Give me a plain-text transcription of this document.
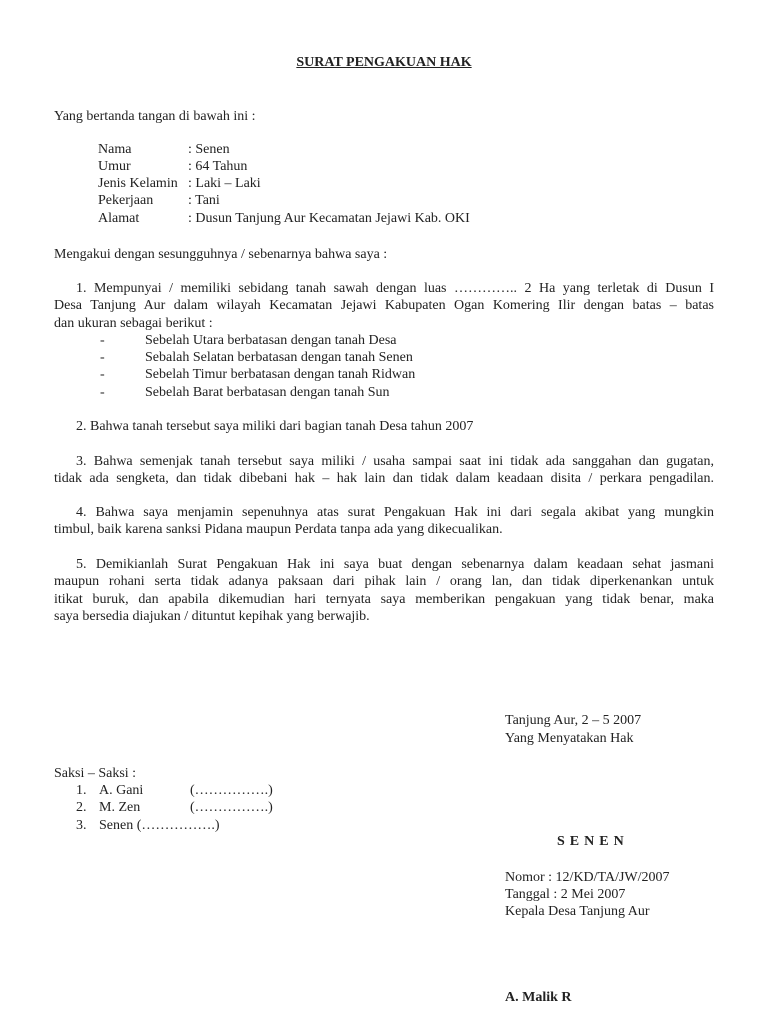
SURAT PENGAKUAN HAK
Yang bertanda tangan di bawah ini :
Nama	: Senen
Umur	: 64 Tahun
Jenis Kelamin : Laki – Laki
Pekerjaan : Tani
Alamat	: Dusun Tanjung Aur Kecamatan Jejawi Kab. OKI
Mengakui dengan sesungguhnya / sebenarnya bahwa saya :
1. Mempunyai / memiliki sebidang tanah sawah dengan luas ………….. 2 Ha yang terletak di Dusun I
Desa Tanjung Aur dalam wilayah Kecamatan Jejawi Kabupaten Ogan Komering Ilir dengan batas – batas
dan ukuran sebagai berikut :
-	Sebelah Utara berbatasan dengan tanah Desa
-	Sebalah Selatan berbatasan dengan tanah Senen
-	Sebelah Timur berbatasan dengan tanah Ridwan
-	Sebelah Barat berbatasan dengan tanah Sun
2. Bahwa tanah tersebut saya miliki dari bagian tanah Desa tahun 2007
3. Bahwa semenjak tanah tersebut saya miliki / usaha sampai saat ini tidak ada sanggahan dan gugatan,
tidak ada sengketa, dan tidak dibebani hak – hak lain dan tidak dalam keadaan disita / perkara pengadilan.
4. Bahwa saya menjamin sepenuhnya atas surat Pengakuan Hak ini dari segala akibat yang mungkin
timbul, baik karena sanksi Pidana maupun Perdata tanpa ada yang dikecualikan.
5. Demikianlah Surat Pengakuan Hak ini saya buat dengan sebenarnya dalam keadaan sehat jasmani
maupun rohani serta tidak adanya paksaan dari pihak lain / orang lan, dan tidak diperkenankan untuk
itikat buruk, dan apabila dikemudian hari ternyata saya memberikan pengakuan yang tidak benar, maka
saya bersedia diajukan / dituntut kepihak yang berwajib.
Tanjung Aur, 2 – 5 2007
Yang Menyatakan Hak
Saksi – Saksi :
1. A. Gani	(…………….)
2. M. Zen	(…………….)
3. Senen (…………….)
SENEN
Nomor : 12/KD/TA/JW/2007
Tanggal : 2 Mei 2007
Kepala Desa Tanjung Aur
A. Malik R
